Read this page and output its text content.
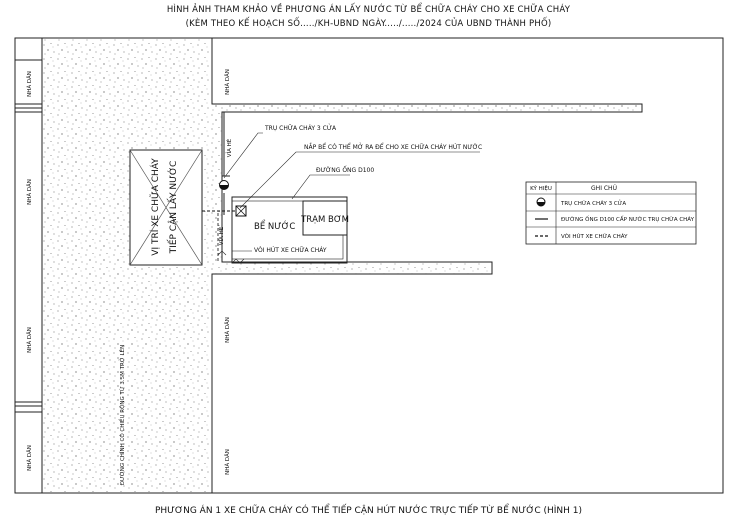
HÌNH ẢNH THAM KHẢO VỀ PHƯƠNG ÁN LẤY NƯỚC TỪ BỂ CHỮA CHÁY CHO XE CHỮA CHÁY
(KÈM THEO KẾ HOẠCH SỐ...../KH-UBND NGÀY...../...../2024 CỦA UBND THÀNH PHỐ)
NHÀ DÂN
NHÀ DÂN
NHÀ DÂN
NHÀ DÂN
NHÀ DÂN
NHÀ DÂN
NHÀ DÂN
VỈA HÈ
VỈA HÈ
ĐƯỜNG CHÍNH CÓ CHIỀU RỘNG TỪ 3.5M TRỞ LÊN
VỊ TRÍ XE CHỮA CHÁY TIẾP CẬN LẤY NƯỚC	TRẠM BƠM
BỂ NƯỚC
TRỤ CHỮA CHÁY 3 CỬA
NẮP BỂ CÓ THỂ MỞ RA ĐỂ CHO XE CHỮA CHÁY HÚT NƯỚC
ĐƯỜNG ỐNG D100
VÒI HÚT XE CHỮA CHÁY
KÝ HIỆU	GHI CHÚ
TRỤ CHỮA CHÁY 3 CỬA
ĐƯỜNG ỐNG D100 CẤP NƯỚC TRỤ CHỮA CHÁY
VÒI HÚT XE CHỮA CHÁY
PHƯƠNG ÁN 1 XE CHỮA CHÁY CÓ THỂ TIẾP CẬN HÚT NƯỚC TRỰC TIẾP TỪ BỂ NƯỚC (HÌNH 1)
